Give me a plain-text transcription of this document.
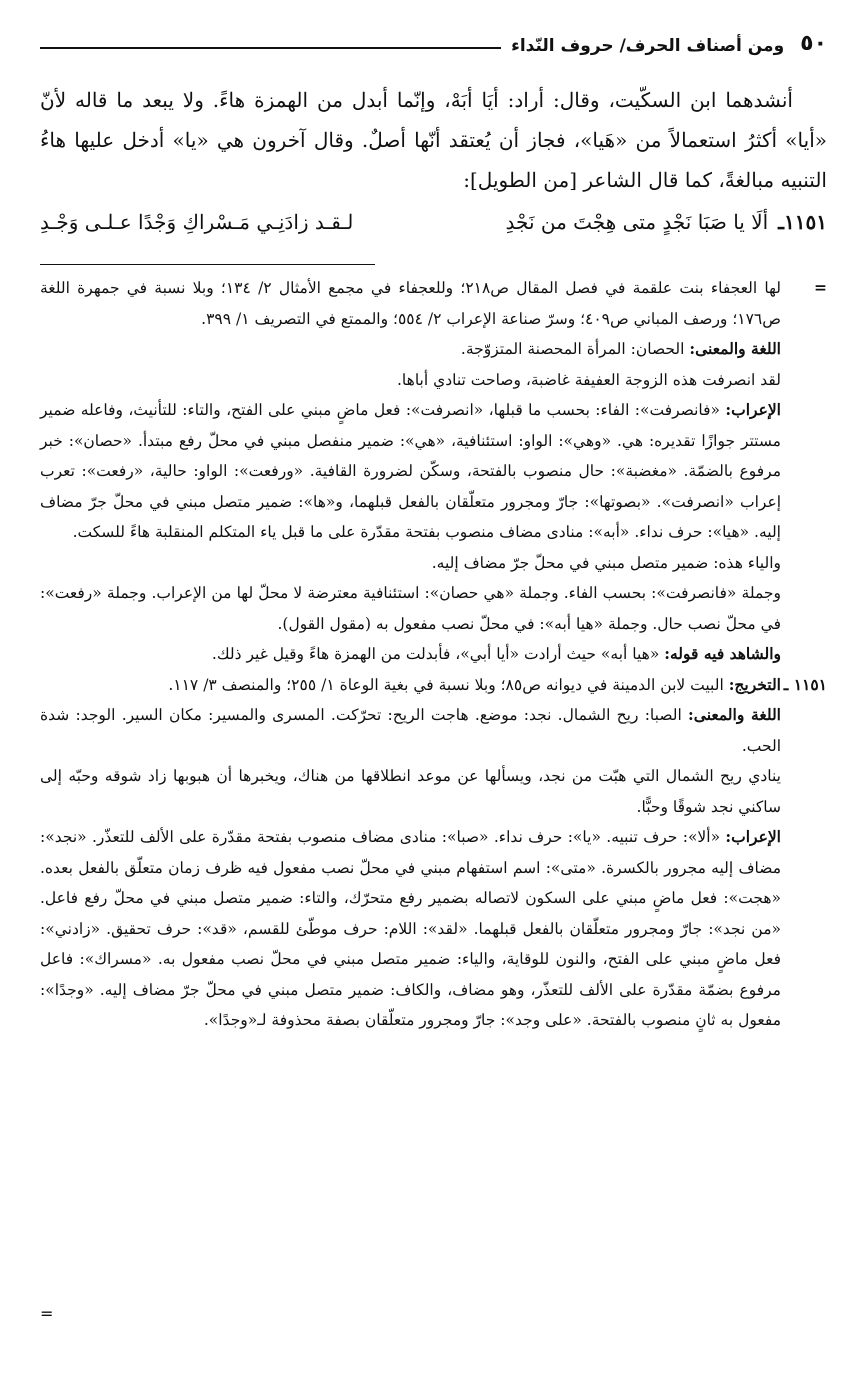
٥٠
ومن أصناف الحرف/ حروف النّداء

أنشدهما ابن السكّيت، وقال: أراد: أيَا أبَهْ، وإنّما أبدل من الهمزة هاءً. ولا يبعد ما قاله لأنّ «أيا» أكثرُ استعمالاً من «هَيا»، فجاز أن يُعتقد أنّها أصلٌ. وقال آخرون هي «يا» أدخل عليها هاءُ التنبيه مبالغةً، كما قال الشاعر [من الطويل]:

١١٥١ـ
ألَا يا صَبَا نَجْدٍ متى هِجْتَ من نَجْدِ
لـقـد زادَنِـي مَـسْراكِ وَجْدًا عـلـى وَجْـدِ
=

لها العجفاء بنت علقمة في فصل المقال ص٢١٨؛ وللعجفاء في مجمع الأمثال ٢/ ١٣٤؛ وبلا نسبة في جمهرة اللغة ص١٧٦؛ ورصف المباني ص٤٠٩؛ وسرّ صناعة الإعراب ٢/ ٥٥٤؛ والممتع في التصريف ١/ ٣٩٩.

اللغة والمعنى: الحصان: المرأة المحصنة المتزوّجة.

لقد انصرفت هذه الزوجة العفيفة غاضبة، وصاحت تنادي أباها.

الإعراب: «فانصرفت»: الفاء: بحسب ما قبلها، «انصرفت»: فعل ماضٍ مبني على الفتح، والتاء: للتأنيث، وفاعله ضمير مستتر جوازًا تقديره: هي. «وهي»: الواو: استئنافية، «هي»: ضمير منفصل مبني في محلّ رفع مبتدأ. «حصان»: خبر مرفوع بالضمّة. «مغضبة»: حال منصوب بالفتحة، وسكّن لضرورة القافية. «ورفعت»: الواو: حالية، «رفعت»: تعرب إعراب «انصرفت». «بصوتها»: جارّ ومجرور متعلّقان بالفعل قبلهما، و«ها»: ضمير متصل مبني في محلّ جرّ مضاف إليه. «هيا»: حرف نداء. «أبه»: منادى مضاف منصوب بفتحة مقدّرة على ما قبل ياء المتكلم المنقلبة هاءً للسكت.

والياء هذه: ضمير متصل مبني في محلّ جرّ مضاف إليه.

وجملة «فانصرفت»: بحسب الفاء. وجملة «هي حصان»: استئنافية معترضة لا محلّ لها من الإعراب. وجملة «رفعت»: في محلّ نصب حال. وجملة «هيا أبه»: في محلّ نصب مفعول به (مقول القول).

والشاهد فيه قوله: «هيا أبه» حيث أرادت «أيا أبي»، فأبدلت من الهمزة هاءً وقيل غير ذلك.

١١٥١ ـ

التخريج: البيت لابن الدمينة في ديوانه ص٨٥؛ وبلا نسبة في بغية الوعاة ١/ ٢٥٥؛ والمنصف ٣/ ١١٧.

اللغة والمعنى: الصبا: ريح الشمال. نجد: موضع. هاجت الريح: تحرّكت. المسرى والمسير: مكان السير. الوجد: شدة الحب.

ينادي ريح الشمال التي هبّت من نجد، ويسألها عن موعد انطلاقها من هناك، ويخبرها أن هبوبها زاد شوقه وحبّه إلى ساكني نجد شوقًا وحبًّا.

الإعراب: «ألا»: حرف تنبيه. «يا»: حرف نداء. «صبا»: منادى مضاف منصوب بفتحة مقدّرة على الألف للتعذّر. «نجد»: مضاف إليه مجرور بالكسرة. «متى»: اسم استفهام مبني في محلّ نصب مفعول فيه ظرف زمان متعلّق بالفعل بعده. «هجت»: فعل ماضٍ مبني على السكون لاتصاله بضمير رفع متحرّك، والتاء: ضمير متصل مبني في محلّ رفع فاعل. «من نجد»: جارّ ومجرور متعلّقان بالفعل قبلهما. «لقد»: اللام: حرف موطّئ للقسم، «قد»: حرف تحقيق. «زادني»: فعل ماضٍ مبني على الفتح، والنون للوقاية، والياء: ضمير متصل مبني في محلّ نصب مفعول به. «مسراك»: فاعل مرفوع بضمّة مقدّرة على الألف للتعذّر، وهو مضاف، والكاف: ضمير متصل مبني في محلّ جرّ مضاف إليه. «وجدًا»: مفعول به ثانٍ منصوب بالفتحة. «على وجد»: جارّ ومجرور متعلّقان بصفة محذوفة لـ«وجدًا».

=
